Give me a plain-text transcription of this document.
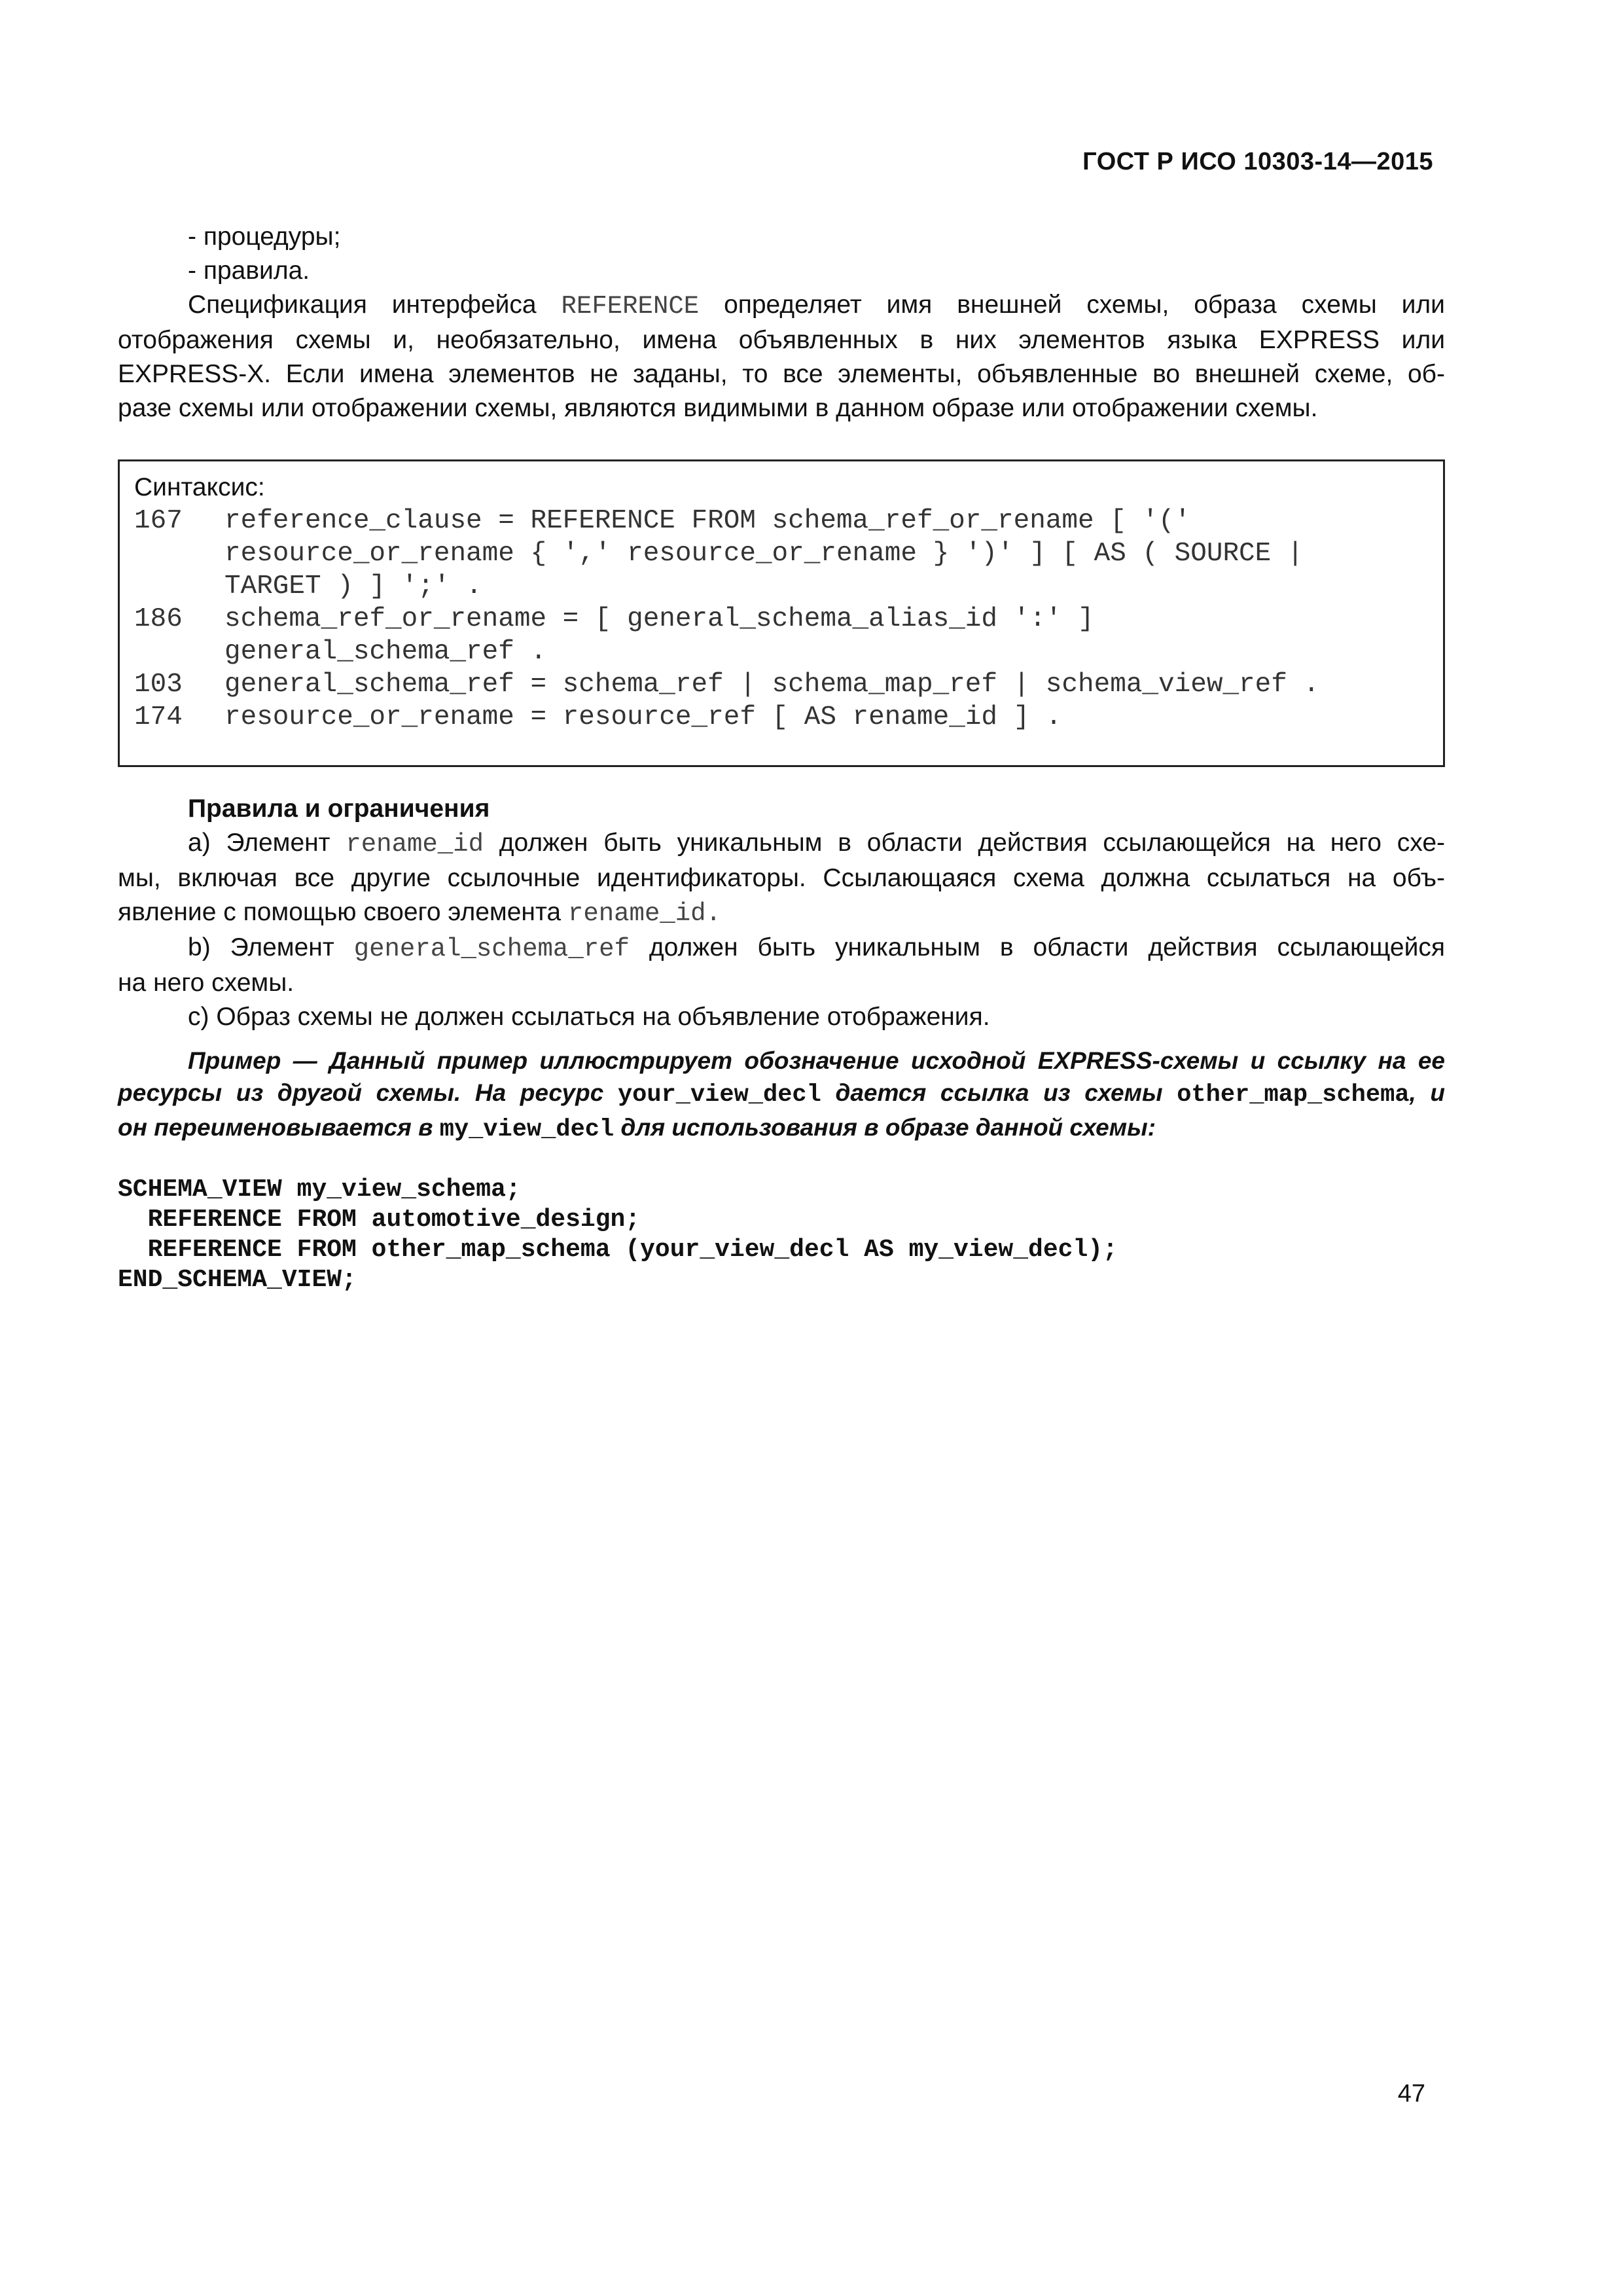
ГОСТ Р ИСО 10303-14—2015

- процедуры;

- правила.

Спецификация интерфейса REFERENCE определяет имя внешней схемы, образа схемы или

отображения схемы и, необязательно, имена объявленных в них элементов языка EXPRESS или

EXPRESS-X. Если имена элементов не заданы, то все элементы, объявленные во внешней схеме, об-

разе схемы или отображении схемы, являются видимыми в данном образе или отображении схемы.

Синтаксис:

167	reference_clause = REFERENCE FROM schema_ref_or_rename [ '('
resource_or_rename { ',' resource_or_rename } ')' ] [ AS ( SOURCE |
TARGET ) ] ';' .
186	schema_ref_or_rename = [ general_schema_alias_id ':' ]
general_schema_ref .
103	general_schema_ref = schema_ref | schema_map_ref | schema_view_ref .
174	resource_or_rename = resource_ref [ AS rename_id ] .

Правила и ограничения

a) Элемент rename_id должен быть уникальным в области действия ссылающейся на него схе-

мы, включая все другие ссылочные идентификаторы. Ссылающаяся схема должна ссылаться на объ-

явление с помощью своего элемента rename_id.

b) Элемент general_schema_ref должен быть уникальным в области действия ссылающейся

на него схемы.

c) Образ схемы не должен ссылаться на объявление отображения.

Пример — Данный пример иллюстрирует обозначение исходной EXPRESS-схемы и ссылку на ее

ресурсы из другой схемы. На ресурс your_view_decl дается ссылка из схемы other_map_schema, и

он переименовывается в my_view_decl для использования в образе данной схемы:

SCHEMA_VIEW my_view_schema;
REFERENCE FROM automotive_design;
REFERENCE FROM other_map_schema (your_view_decl AS my_view_decl);
END_SCHEMA_VIEW;
47
